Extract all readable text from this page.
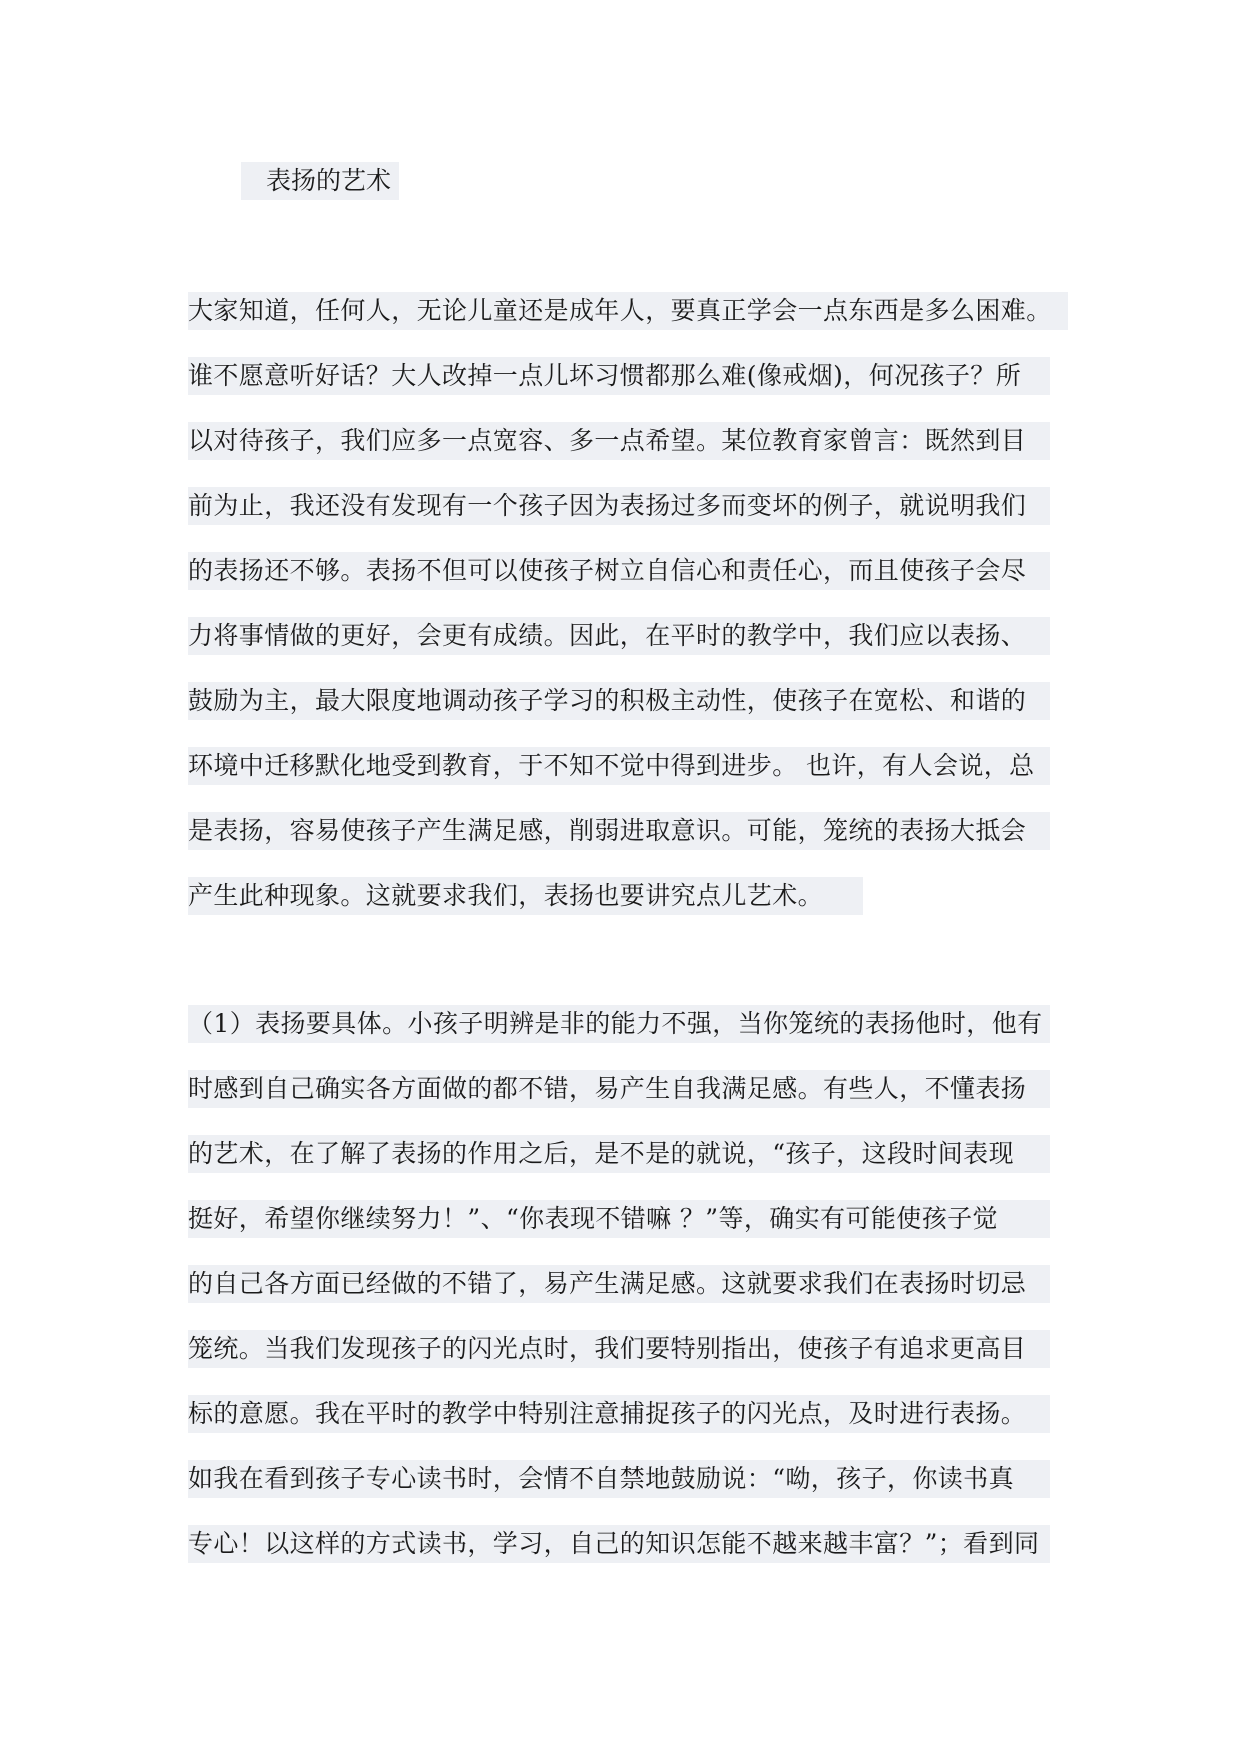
表扬的艺术
大家知道，任何人，无论儿童还是成年人，要真正学会一点东西是多么困难。
谁不愿意听好话？大人改掉一点儿坏习惯都那么难(像戒烟)，何况孩子？所
以对待孩子，我们应多一点宽容、多一点希望。某位教育家曾言：既然到目
前为止，我还没有发现有一个孩子因为表扬过多而变坏的例子，就说明我们
的表扬还不够。表扬不但可以使孩子树立自信心和责任心，而且使孩子会尽
力将事情做的更好，会更有成绩。因此，在平时的教学中，我们应以表扬、
鼓励为主，最大限度地调动孩子学习的积极主动性，使孩子在宽松、和谐的
环境中迁移默化地受到教育，于不知不觉中得到进步。 也许，有人会说，总
是表扬，容易使孩子产生满足感，削弱进取意识。可能，笼统的表扬大抵会
产生此种现象。这就要求我们，表扬也要讲究点儿艺术。
（1）表扬要具体。小孩子明辨是非的能力不强，当你笼统的表扬他时，他有
时感到自己确实各方面做的都不错，易产生自我满足感。有些人，不懂表扬
的艺术，在了解了表扬的作用之后，是不是的就说，“孩子，这段时间表现
挺好，希望你继续努力！”、“你表现不错嘛 ？”等，确实有可能使孩子觉
的自己各方面已经做的不错了，易产生满足感。这就要求我们在表扬时切忌
笼统。当我们发现孩子的闪光点时，我们要特别指出，使孩子有追求更高目
标的意愿。我在平时的教学中特别注意捕捉孩子的闪光点，及时进行表扬。
如我在看到孩子专心读书时，会情不自禁地鼓励说：“呦，孩子，你读书真
专心！以这样的方式读书，学习，自己的知识怎能不越来越丰富？”；看到同
